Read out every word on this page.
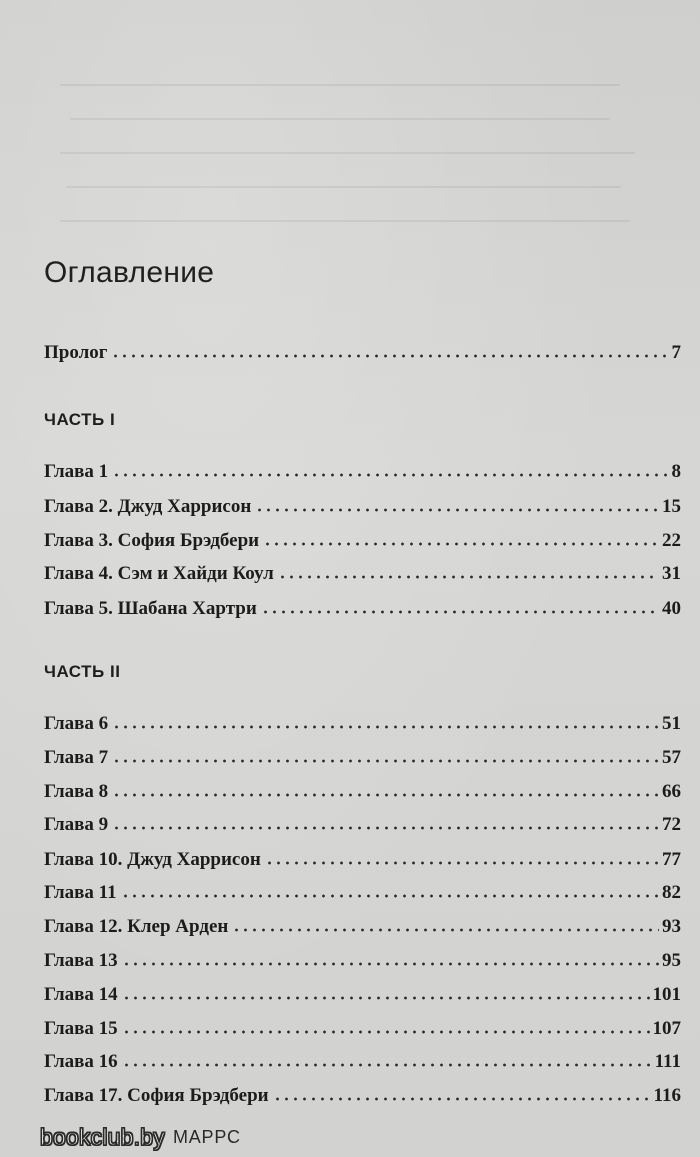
Оглавление
Пролог	7
ЧАСТЬ I
Глава 1	8
Глава 2. Джуд Харрисон	15
Глава 3. София Брэдбери	22
Глава 4. Сэм и Хайди Коул	31
Глава 5. Шабана Хартри	40
ЧАСТЬ II
Глава 6	51
Глава 7	57
Глава 8	66
Глава 9	72
Глава 10. Джуд Харрисон	77
Глава 11	82
Глава 12. Клер Арден	93
Глава 13	95
Глава 14	101
Глава 15	107
Глава 16	111
Глава 17. София Брэдбери	116
bookclub.by МАРРС
